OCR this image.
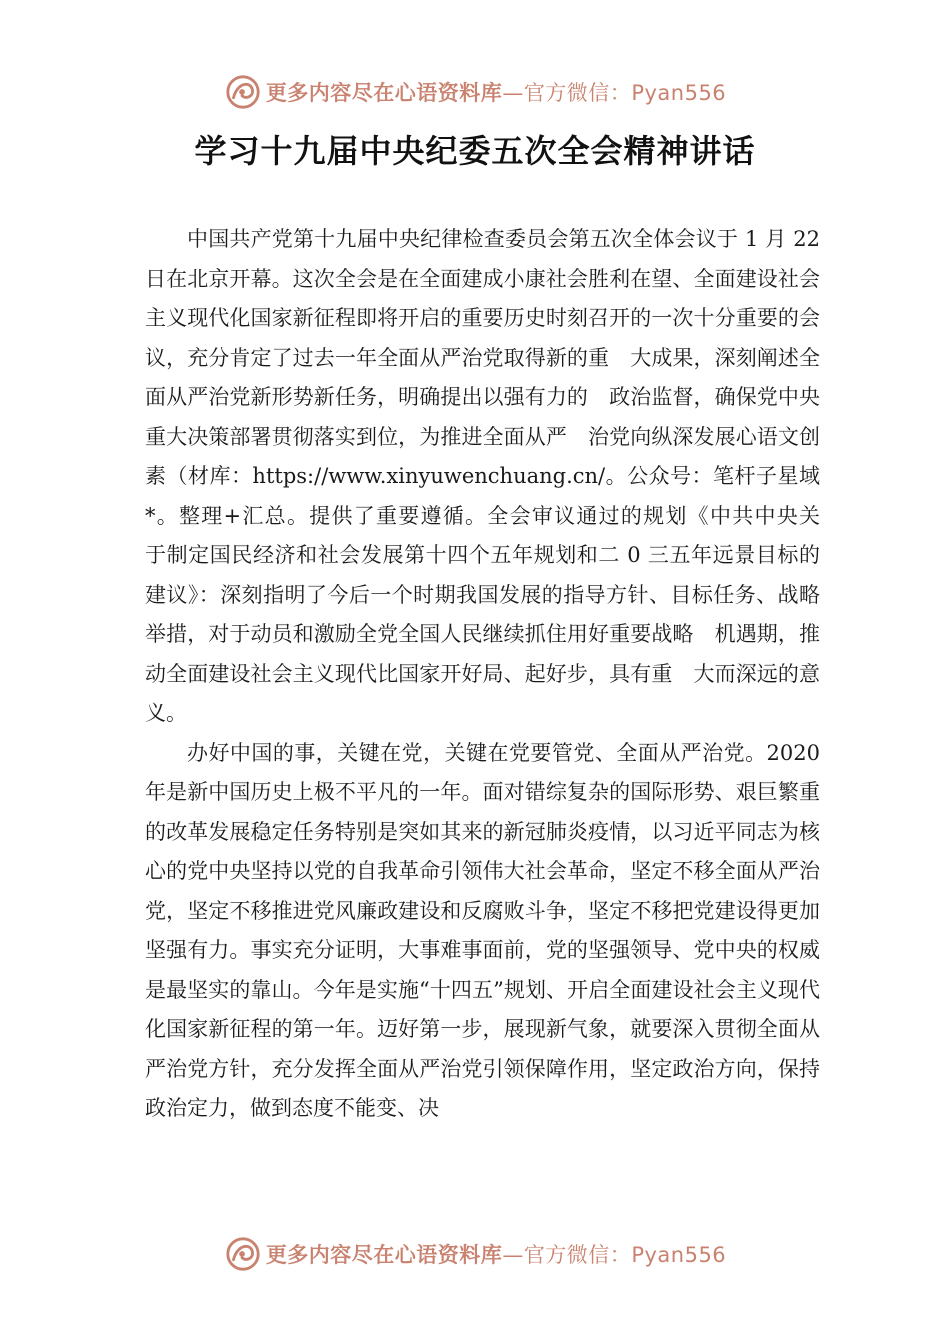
更多内容尽在心语资料库—官方微信：Pyan556
学习十九届中央纪委五次全会精神讲话

中国共产党第十九届中央纪律检查委员会第五次全体会议于 1 月 22 日在北京开幕。这次全会是在全面建成小康社会胜利在望、全面建设社会主义现代化国家新征程即将开启的重要历史时刻召开的一次十分重要的会议，充分肯定了过去一年全面从严治党取得新的重　大成果，深刻阐述全面从严治党新形势新任务，明确提出以强有力的　政治监督，确保党中央重大决策部署贯彻落实到位，为推进全面从严　治党向纵深发展心语文创素（材库：https://www.xinyuwenchuang.cn/。公众号：笔杆子星域*。整理+汇总。提供了重要遵循。全会审议通过的规划《中共中央关　于制定国民经济和社会发展第十四个五年规划和二 0 三五年远景目标的建议》：深刻指明了今后一个时期我国发展的指导方针、目标任务、战略举措，对于动员和激励全党全国人民继续抓住用好重要战略　机遇期，推动全面建设社会主义现代比国家开好局、起好步，具有重　大而深远的意义。

办好中国的事，关键在党，关键在党要管党、全面从严治党。2020 年是新中国历史上极不平凡的一年。面对错综复杂的国际形势、艰巨繁重的改革发展稳定任务特别是突如其来的新冠肺炎疫情，以习近平同志为核心的党中央坚持以党的自我革命引领伟大社会革命，坚定不移全面从严治党，坚定不移推进党风廉政建设和反腐败斗争，坚定不移把党建设得更加坚强有力。事实充分证明，大事难事面前，党的坚强领导、党中央的权威是最坚实的靠山。今年是实施“十四五”规划、开启全面建设社会主义现代化国家新征程的第一年。迈好第一步，展现新气象，就要深入贯彻全面从严治党方针，充分发挥全面从严治党引领保障作用，坚定政治方向，保持政治定力，做到态度不能变、决

更多内容尽在心语资料库—官方微信：Pyan556
